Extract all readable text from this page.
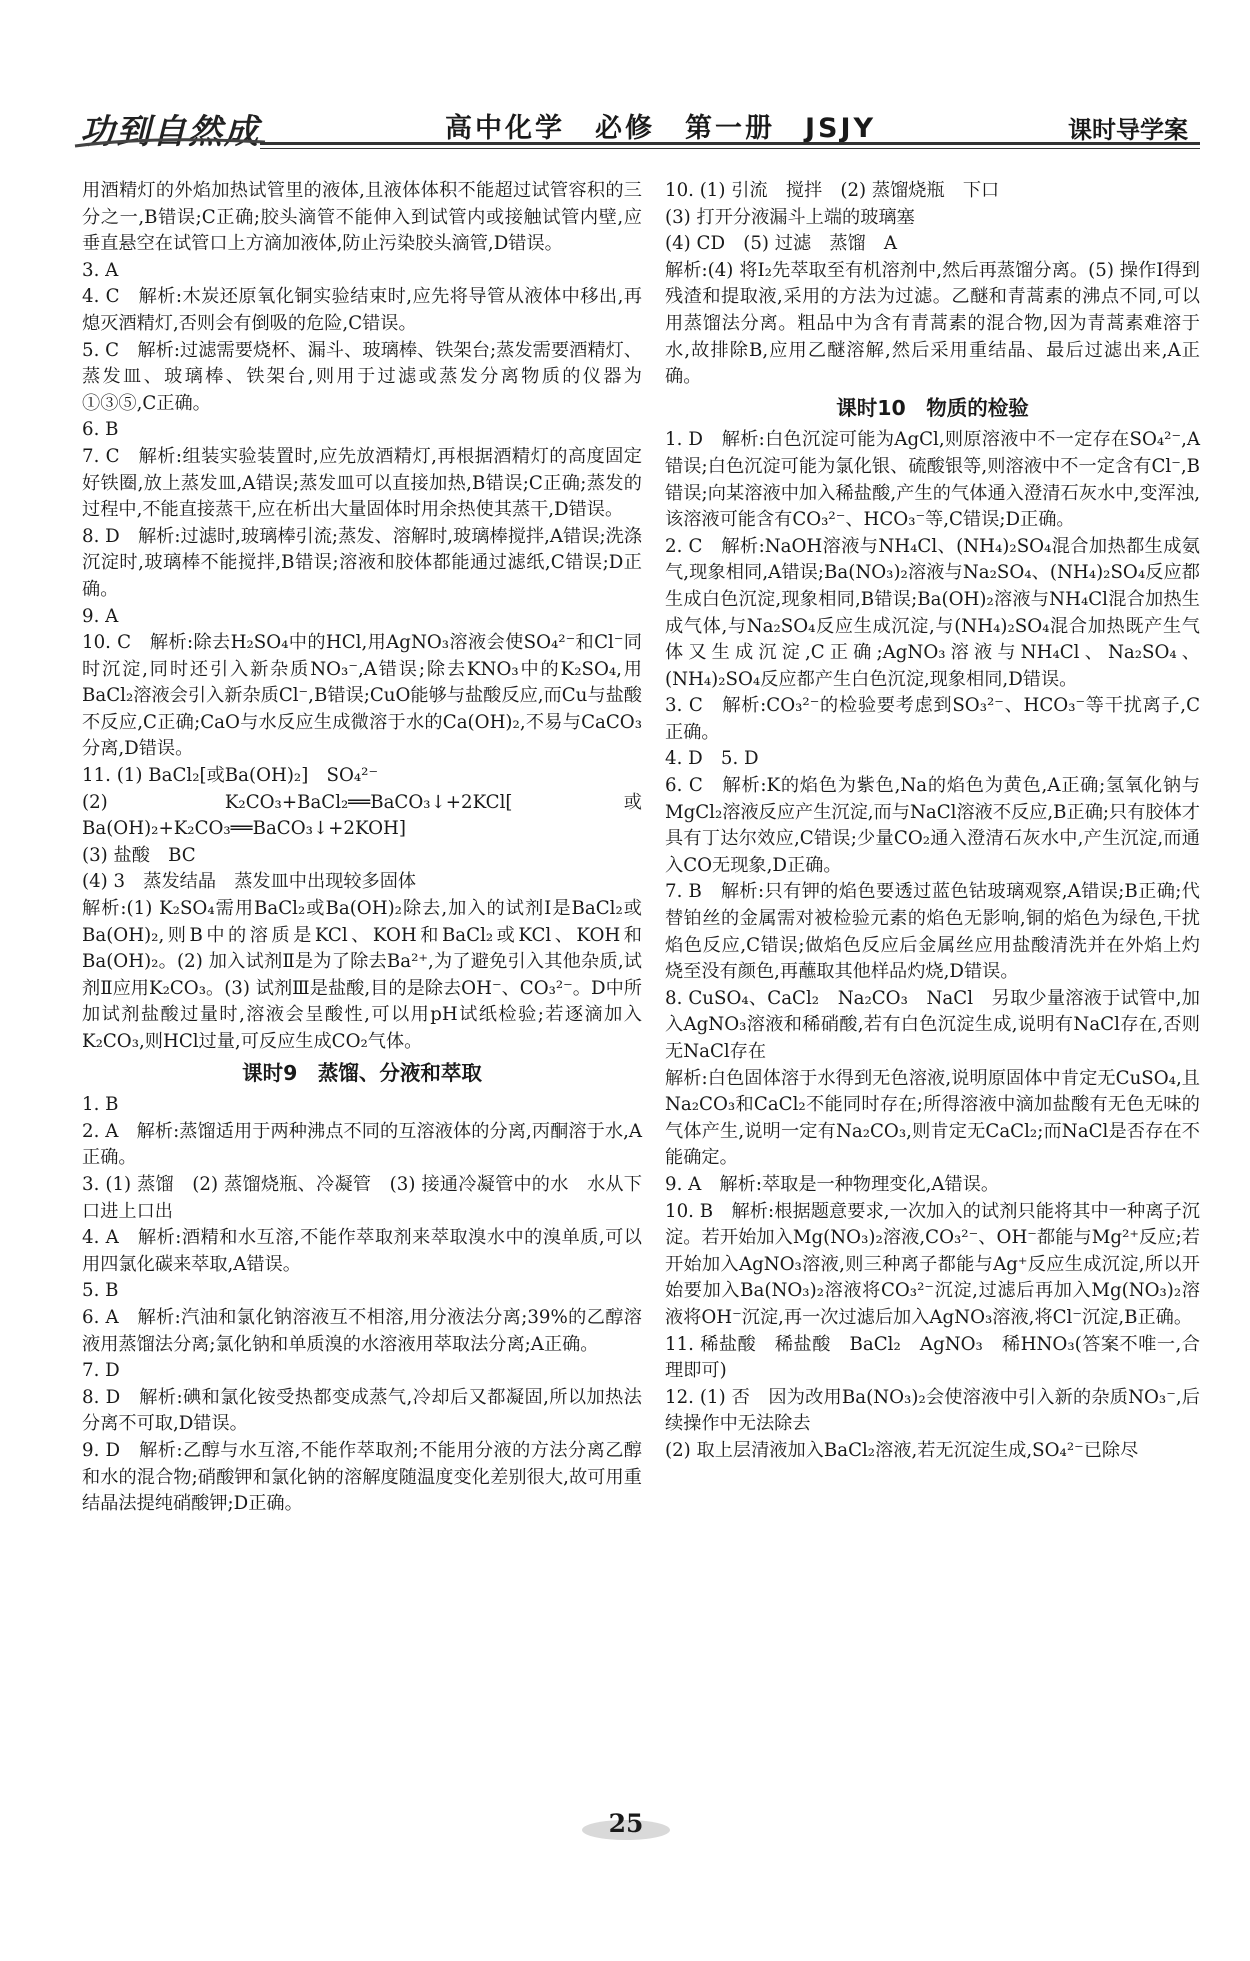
功到自然成	高中化学　必修　第一册　JSJY	课时导学案

用酒精灯的外焰加热试管里的液体,且液体体积不能超过试管容积的三分之一,B错误;C正确;胶头滴管不能伸入到试管内或接触试管内壁,应垂直悬空在试管口上方滴加液体,防止污染胶头滴管,D错误。

3. A

4. C　解析:木炭还原氧化铜实验结束时,应先将导管从液体中移出,再熄灭酒精灯,否则会有倒吸的危险,C错误。

5. C　解析:过滤需要烧杯、漏斗、玻璃棒、铁架台;蒸发需要酒精灯、蒸发皿、玻璃棒、铁架台,则用于过滤或蒸发分离物质的仪器为①③⑤,C正确。

6. B

7. C　解析:组装实验装置时,应先放酒精灯,再根据酒精灯的高度固定好铁圈,放上蒸发皿,A错误;蒸发皿可以直接加热,B错误;C正确;蒸发的过程中,不能直接蒸干,应在析出大量固体时用余热使其蒸干,D错误。

8. D　解析:过滤时,玻璃棒引流;蒸发、溶解时,玻璃棒搅拌,A错误;洗涤沉淀时,玻璃棒不能搅拌,B错误;溶液和胶体都能通过滤纸,C错误;D正确。

9. A

10. C　解析:除去H₂SO₄中的HCl,用AgNO₃溶液会使SO₄²⁻和Cl⁻同时沉淀,同时还引入新杂质NO₃⁻,A错误;除去KNO₃中的K₂SO₄,用BaCl₂溶液会引入新杂质Cl⁻,B错误;CuO能够与盐酸反应,而Cu与盐酸不反应,C正确;CaO与水反应生成微溶于水的Ca(OH)₂,不易与CaCO₃分离,D错误。

11. (1) BaCl₂[或Ba(OH)₂]　SO₄²⁻

(2) K₂CO₃+BaCl₂══BaCO₃↓+2KCl[或Ba(OH)₂+K₂CO₃══BaCO₃↓+2KOH]

(3) 盐酸　BC

(4) 3　蒸发结晶　蒸发皿中出现较多固体

解析:(1) K₂SO₄需用BaCl₂或Ba(OH)₂除去,加入的试剂Ⅰ是BaCl₂或Ba(OH)₂,则B中的溶质是KCl、KOH和BaCl₂或KCl、KOH和Ba(OH)₂。(2) 加入试剂Ⅱ是为了除去Ba²⁺,为了避免引入其他杂质,试剂Ⅱ应用K₂CO₃。(3) 试剂Ⅲ是盐酸,目的是除去OH⁻、CO₃²⁻。D中所加试剂盐酸过量时,溶液会呈酸性,可以用pH试纸检验;若逐滴加入K₂CO₃,则HCl过量,可反应生成CO₂气体。

课时9　蒸馏、分液和萃取

1. B

2. A　解析:蒸馏适用于两种沸点不同的互溶液体的分离,丙酮溶于水,A正确。

3. (1) 蒸馏　(2) 蒸馏烧瓶、冷凝管　(3) 接通冷凝管中的水　水从下口进上口出

4. A　解析:酒精和水互溶,不能作萃取剂来萃取溴水中的溴单质,可以用四氯化碳来萃取,A错误。

5. B

6. A　解析:汽油和氯化钠溶液互不相溶,用分液法分离;39%的乙醇溶液用蒸馏法分离;氯化钠和单质溴的水溶液用萃取法分离;A正确。

7. D

8. D　解析:碘和氯化铵受热都变成蒸气,冷却后又都凝固,所以加热法分离不可取,D错误。

9. D　解析:乙醇与水互溶,不能作萃取剂;不能用分液的方法分离乙醇和水的混合物;硝酸钾和氯化钠的溶解度随温度变化差别很大,故可用重结晶法提纯硝酸钾;D正确。

10. (1) 引流　搅拌　(2) 蒸馏烧瓶　下口

(3) 打开分液漏斗上端的玻璃塞

(4) CD　(5) 过滤　蒸馏　A

解析:(4) 将I₂先萃取至有机溶剂中,然后再蒸馏分离。(5) 操作Ⅰ得到残渣和提取液,采用的方法为过滤。乙醚和青蒿素的沸点不同,可以用蒸馏法分离。粗品中为含有青蒿素的混合物,因为青蒿素难溶于水,故排除B,应用乙醚溶解,然后采用重结晶、最后过滤出来,A正确。

课时10　物质的检验

1. D　解析:白色沉淀可能为AgCl,则原溶液中不一定存在SO₄²⁻,A错误;白色沉淀可能为氯化银、硫酸银等,则溶液中不一定含有Cl⁻,B错误;向某溶液中加入稀盐酸,产生的气体通入澄清石灰水中,变浑浊,该溶液可能含有CO₃²⁻、HCO₃⁻等,C错误;D正确。

2. C　解析:NaOH溶液与NH₄Cl、(NH₄)₂SO₄混合加热都生成氨气,现象相同,A错误;Ba(NO₃)₂溶液与Na₂SO₄、(NH₄)₂SO₄反应都生成白色沉淀,现象相同,B错误;Ba(OH)₂溶液与NH₄Cl混合加热生成气体,与Na₂SO₄反应生成沉淀,与(NH₄)₂SO₄混合加热既产生气体又生成沉淀,C正确;AgNO₃溶液与NH₄Cl、Na₂SO₄、(NH₄)₂SO₄反应都产生白色沉淀,现象相同,D错误。

3. C　解析:CO₃²⁻的检验要考虑到SO₃²⁻、HCO₃⁻等干扰离子,C正确。

4. D　5. D

6. C　解析:K的焰色为紫色,Na的焰色为黄色,A正确;氢氧化钠与MgCl₂溶液反应产生沉淀,而与NaCl溶液不反应,B正确;只有胶体才具有丁达尔效应,C错误;少量CO₂通入澄清石灰水中,产生沉淀,而通入CO无现象,D正确。

7. B　解析:只有钾的焰色要透过蓝色钴玻璃观察,A错误;B正确;代替铂丝的金属需对被检验元素的焰色无影响,铜的焰色为绿色,干扰焰色反应,C错误;做焰色反应后金属丝应用盐酸清洗并在外焰上灼烧至没有颜色,再蘸取其他样品灼烧,D错误。

8. CuSO₄、CaCl₂　Na₂CO₃　NaCl　另取少量溶液于试管中,加入AgNO₃溶液和稀硝酸,若有白色沉淀生成,说明有NaCl存在,否则无NaCl存在

解析:白色固体溶于水得到无色溶液,说明原固体中肯定无CuSO₄,且Na₂CO₃和CaCl₂不能同时存在;所得溶液中滴加盐酸有无色无味的气体产生,说明一定有Na₂CO₃,则肯定无CaCl₂;而NaCl是否存在不能确定。

9. A　解析:萃取是一种物理变化,A错误。

10. B　解析:根据题意要求,一次加入的试剂只能将其中一种离子沉淀。若开始加入Mg(NO₃)₂溶液,CO₃²⁻、OH⁻都能与Mg²⁺反应;若开始加入AgNO₃溶液,则三种离子都能与Ag⁺反应生成沉淀,所以开始要加入Ba(NO₃)₂溶液将CO₃²⁻沉淀,过滤后再加入Mg(NO₃)₂溶液将OH⁻沉淀,再一次过滤后加入AgNO₃溶液,将Cl⁻沉淀,B正确。

11. 稀盐酸　稀盐酸　BaCl₂　AgNO₃　稀HNO₃(答案不唯一,合理即可)

12. (1) 否　因为改用Ba(NO₃)₂会使溶液中引入新的杂质NO₃⁻,后续操作中无法除去

(2) 取上层清液加入BaCl₂溶液,若无沉淀生成,SO₄²⁻已除尽

25
